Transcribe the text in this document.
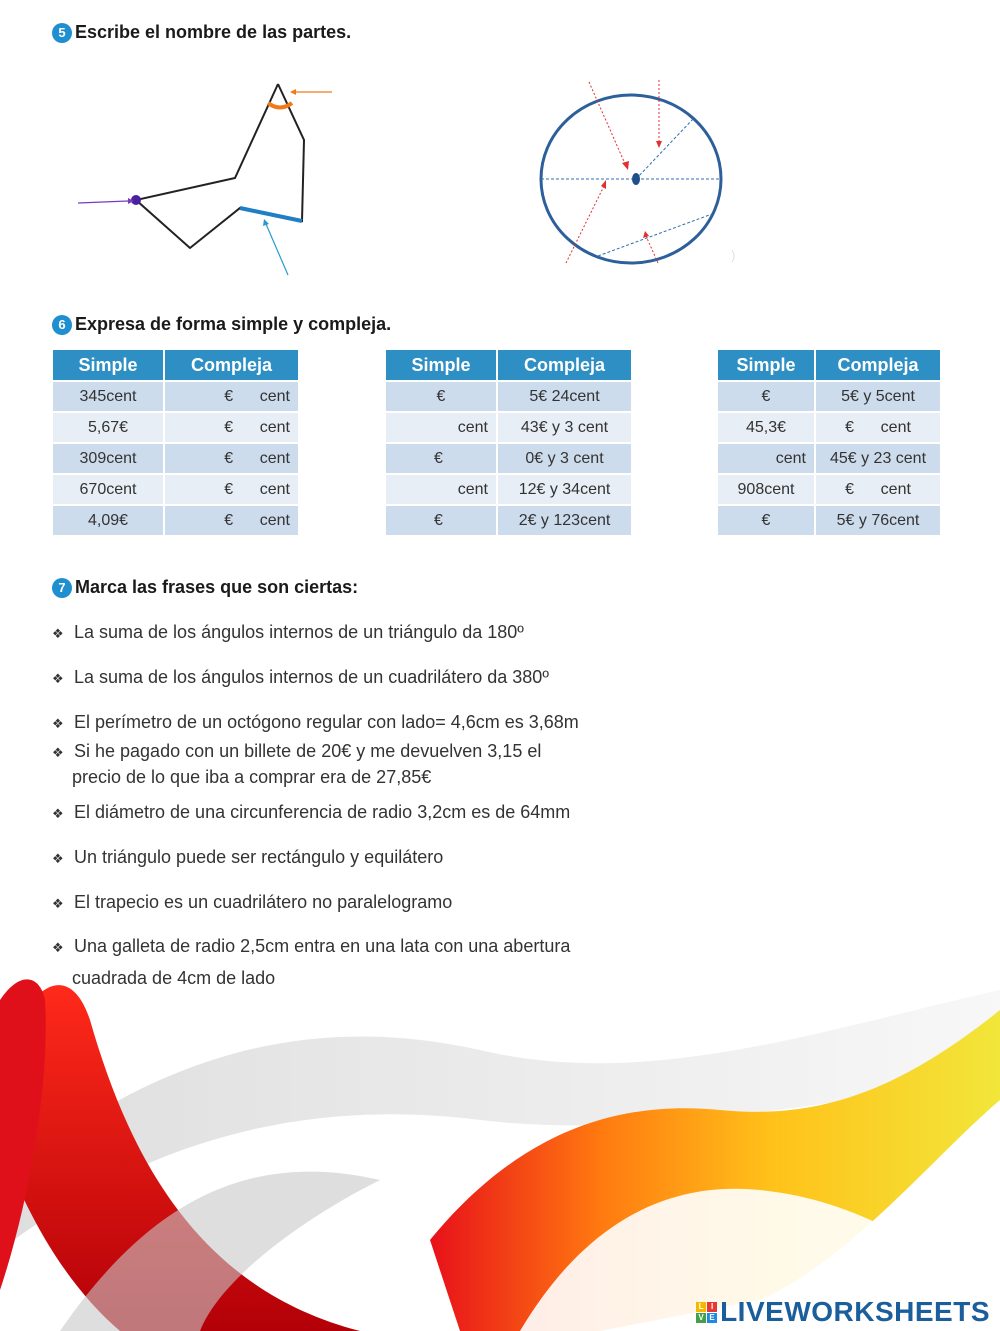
5 Escribe el nombre de las partes.
6 Expresa de forma simple y compleja.
Simple	Compleja
345cent	€      cent
5,67€	€      cent
309cent	€      cent
670cent	€      cent
4,09€	€      cent
Simple	Compleja
€	5€ 24cent
cent	43€ y 3 cent
€	0€ y 3 cent
cent	12€ y 34cent
€	2€ y 123cent
Simple	Compleja
€	5€ y 5cent
45,3€	€      cent
cent	45€ y 23 cent
908cent	€      cent
€	5€ y 76cent
7 Marca las frases que son ciertas:
❖ La suma de los ángulos internos de un triángulo da 180º
❖ La suma de los ángulos internos de un cuadrilátero da 380º
❖ El perímetro de un octógono regular con lado= 4,6cm es 3,68m
❖ Si he pagado con un billete de 20€ y me devuelven 3,15 el
precio de lo que iba a comprar era de 27,85€
❖ El diámetro de una circunferencia de radio 3,2cm es de 64mm
❖ Un triángulo puede ser rectángulo y equilátero
❖ El trapecio es un cuadrilátero no paralelogramo
❖ Una galleta de radio 2,5cm entra en una lata con una abertura
cuadrada de 4cm de lado
L I
V E LIVEWORKSHEETS
